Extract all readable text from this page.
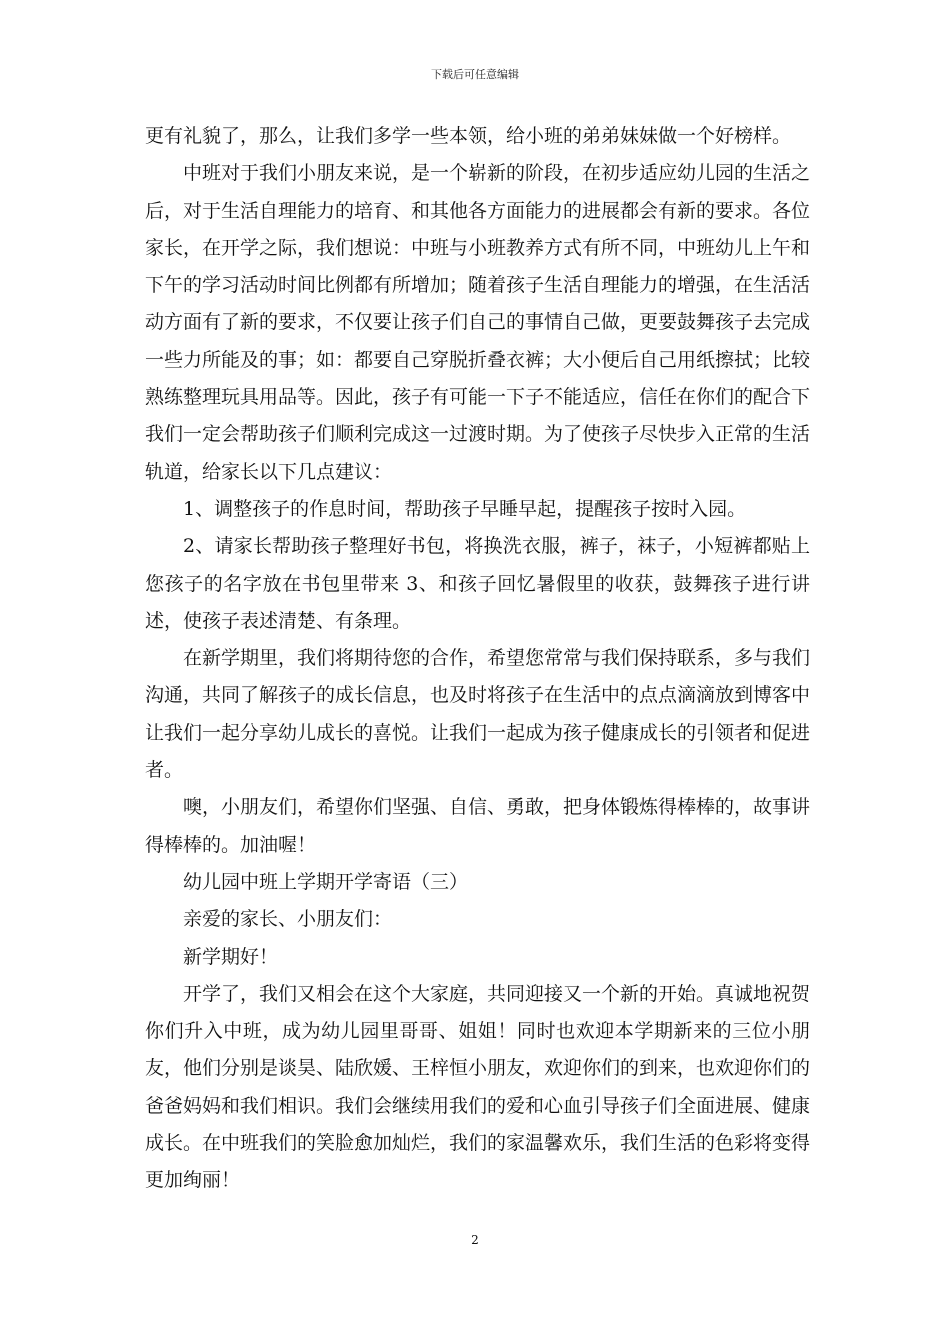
下载后可任意编辑

更有礼貌了，那么，让我们多学一些本领，给小班的弟弟妹妹做一个好榜样。

中班对于我们小朋友来说，是一个崭新的阶段，在初步适应幼儿园的生活之后，对于生活自理能力的培育、和其他各方面能力的进展都会有新的要求。各位家长，在开学之际，我们想说：中班与小班教养方式有所不同，中班幼儿上午和下午的学习活动时间比例都有所增加；随着孩子生活自理能力的增强，在生活活动方面有了新的要求，不仅要让孩子们自己的事情自己做，更要鼓舞孩子去完成一些力所能及的事；如：都要自己穿脱折叠衣裤；大小便后自己用纸擦拭；比较熟练整理玩具用品等。因此，孩子有可能一下子不能适应，信任在你们的配合下我们一定会帮助孩子们顺利完成这一过渡时期。为了使孩子尽快步入正常的生活轨道，给家长以下几点建议：

1、调整孩子的作息时间，帮助孩子早睡早起，提醒孩子按时入园。

2、请家长帮助孩子整理好书包，将换洗衣服，裤子，袜子，小短裤都贴上您孩子的名字放在书包里带来 3、和孩子回忆暑假里的收获，鼓舞孩子进行讲述，使孩子表述清楚、有条理。

在新学期里，我们将期待您的合作，希望您常常与我们保持联系，多与我们沟通，共同了解孩子的成长信息，也及时将孩子在生活中的点点滴滴放到博客中让我们一起分享幼儿成长的喜悦。让我们一起成为孩子健康成长的引领者和促进者。

噢，小朋友们，希望你们坚强、自信、勇敢，把身体锻炼得棒棒的，故事讲得棒棒的。加油喔！

幼儿园中班上学期开学寄语（三）

亲爱的家长、小朋友们：

新学期好！

开学了，我们又相会在这个大家庭，共同迎接又一个新的开始。真诚地祝贺你们升入中班，成为幼儿园里哥哥、姐姐！同时也欢迎本学期新来的三位小朋友，他们分别是谈昊、陆欣媛、王梓恒小朋友，欢迎你们的到来，也欢迎你们的爸爸妈妈和我们相识。我们会继续用我们的爱和心血引导孩子们全面进展、健康成长。在中班我们的笑脸愈加灿烂，我们的家温馨欢乐，我们生活的色彩将变得更加绚丽！

2
